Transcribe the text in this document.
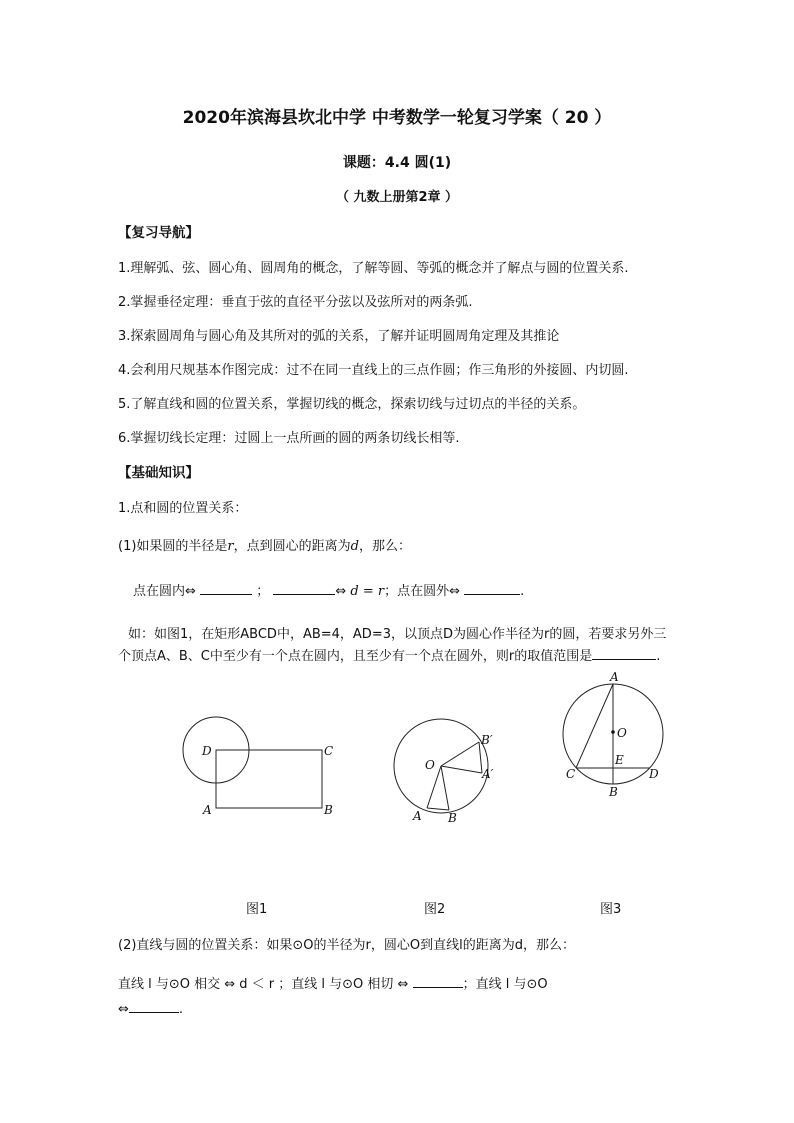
2020年滨海县坎北中学 中考数学一轮复习学案（ 20 ）
课题：4.4 圆(1)
（ 九数上册第2章 ）
【复习导航】
1.理解弧、弦、圆心角、圆周角的概念，了解等圆、等弧的概念并了解点与圆的位置关系.
2.掌握垂径定理：垂直于弦的直径平分弦以及弦所对的两条弧.
3.探索圆周角与圆心角及其所对的弧的关系，了解并证明圆周角定理及其推论
4.会利用尺规基本作图完成：过不在同一直线上的三点作圆；作三角形的外接圆、内切圆.
5.了解直线和圆的位置关系，掌握切线的概念，探索切线与过切点的半径的关系。
6.掌握切线长定理：过圆上一点所画的圆的两条切线长相等.
【基础知识】
1.点和圆的位置关系：
(1)如果圆的半径是r，点到圆心的距离为d，那么：
点在圆内⇔	；	⇔ d = r；点在圆外⇔	.
如：如图1，在矩形ABCD中，AB=4，AD=3，以顶点D为圆心作半径为r的圆，若要求另外三个顶点A、B、C中至少有一个点在圆内，且至少有一个点在圆外，则r的取值范围是	.
D	C
A	B
O
B′
A′
A B
A
O
E
C	D
B
图1	图2	图3
(2)直线与圆的位置关系：如果⊙O的半径为r，圆心O到直线l的距离为d，那么：
直线 l 与⊙O 相交 ⇔ d ＜ r ；直线 l 与⊙O 相切 ⇔	；直线 l 与⊙O
⇔	.
